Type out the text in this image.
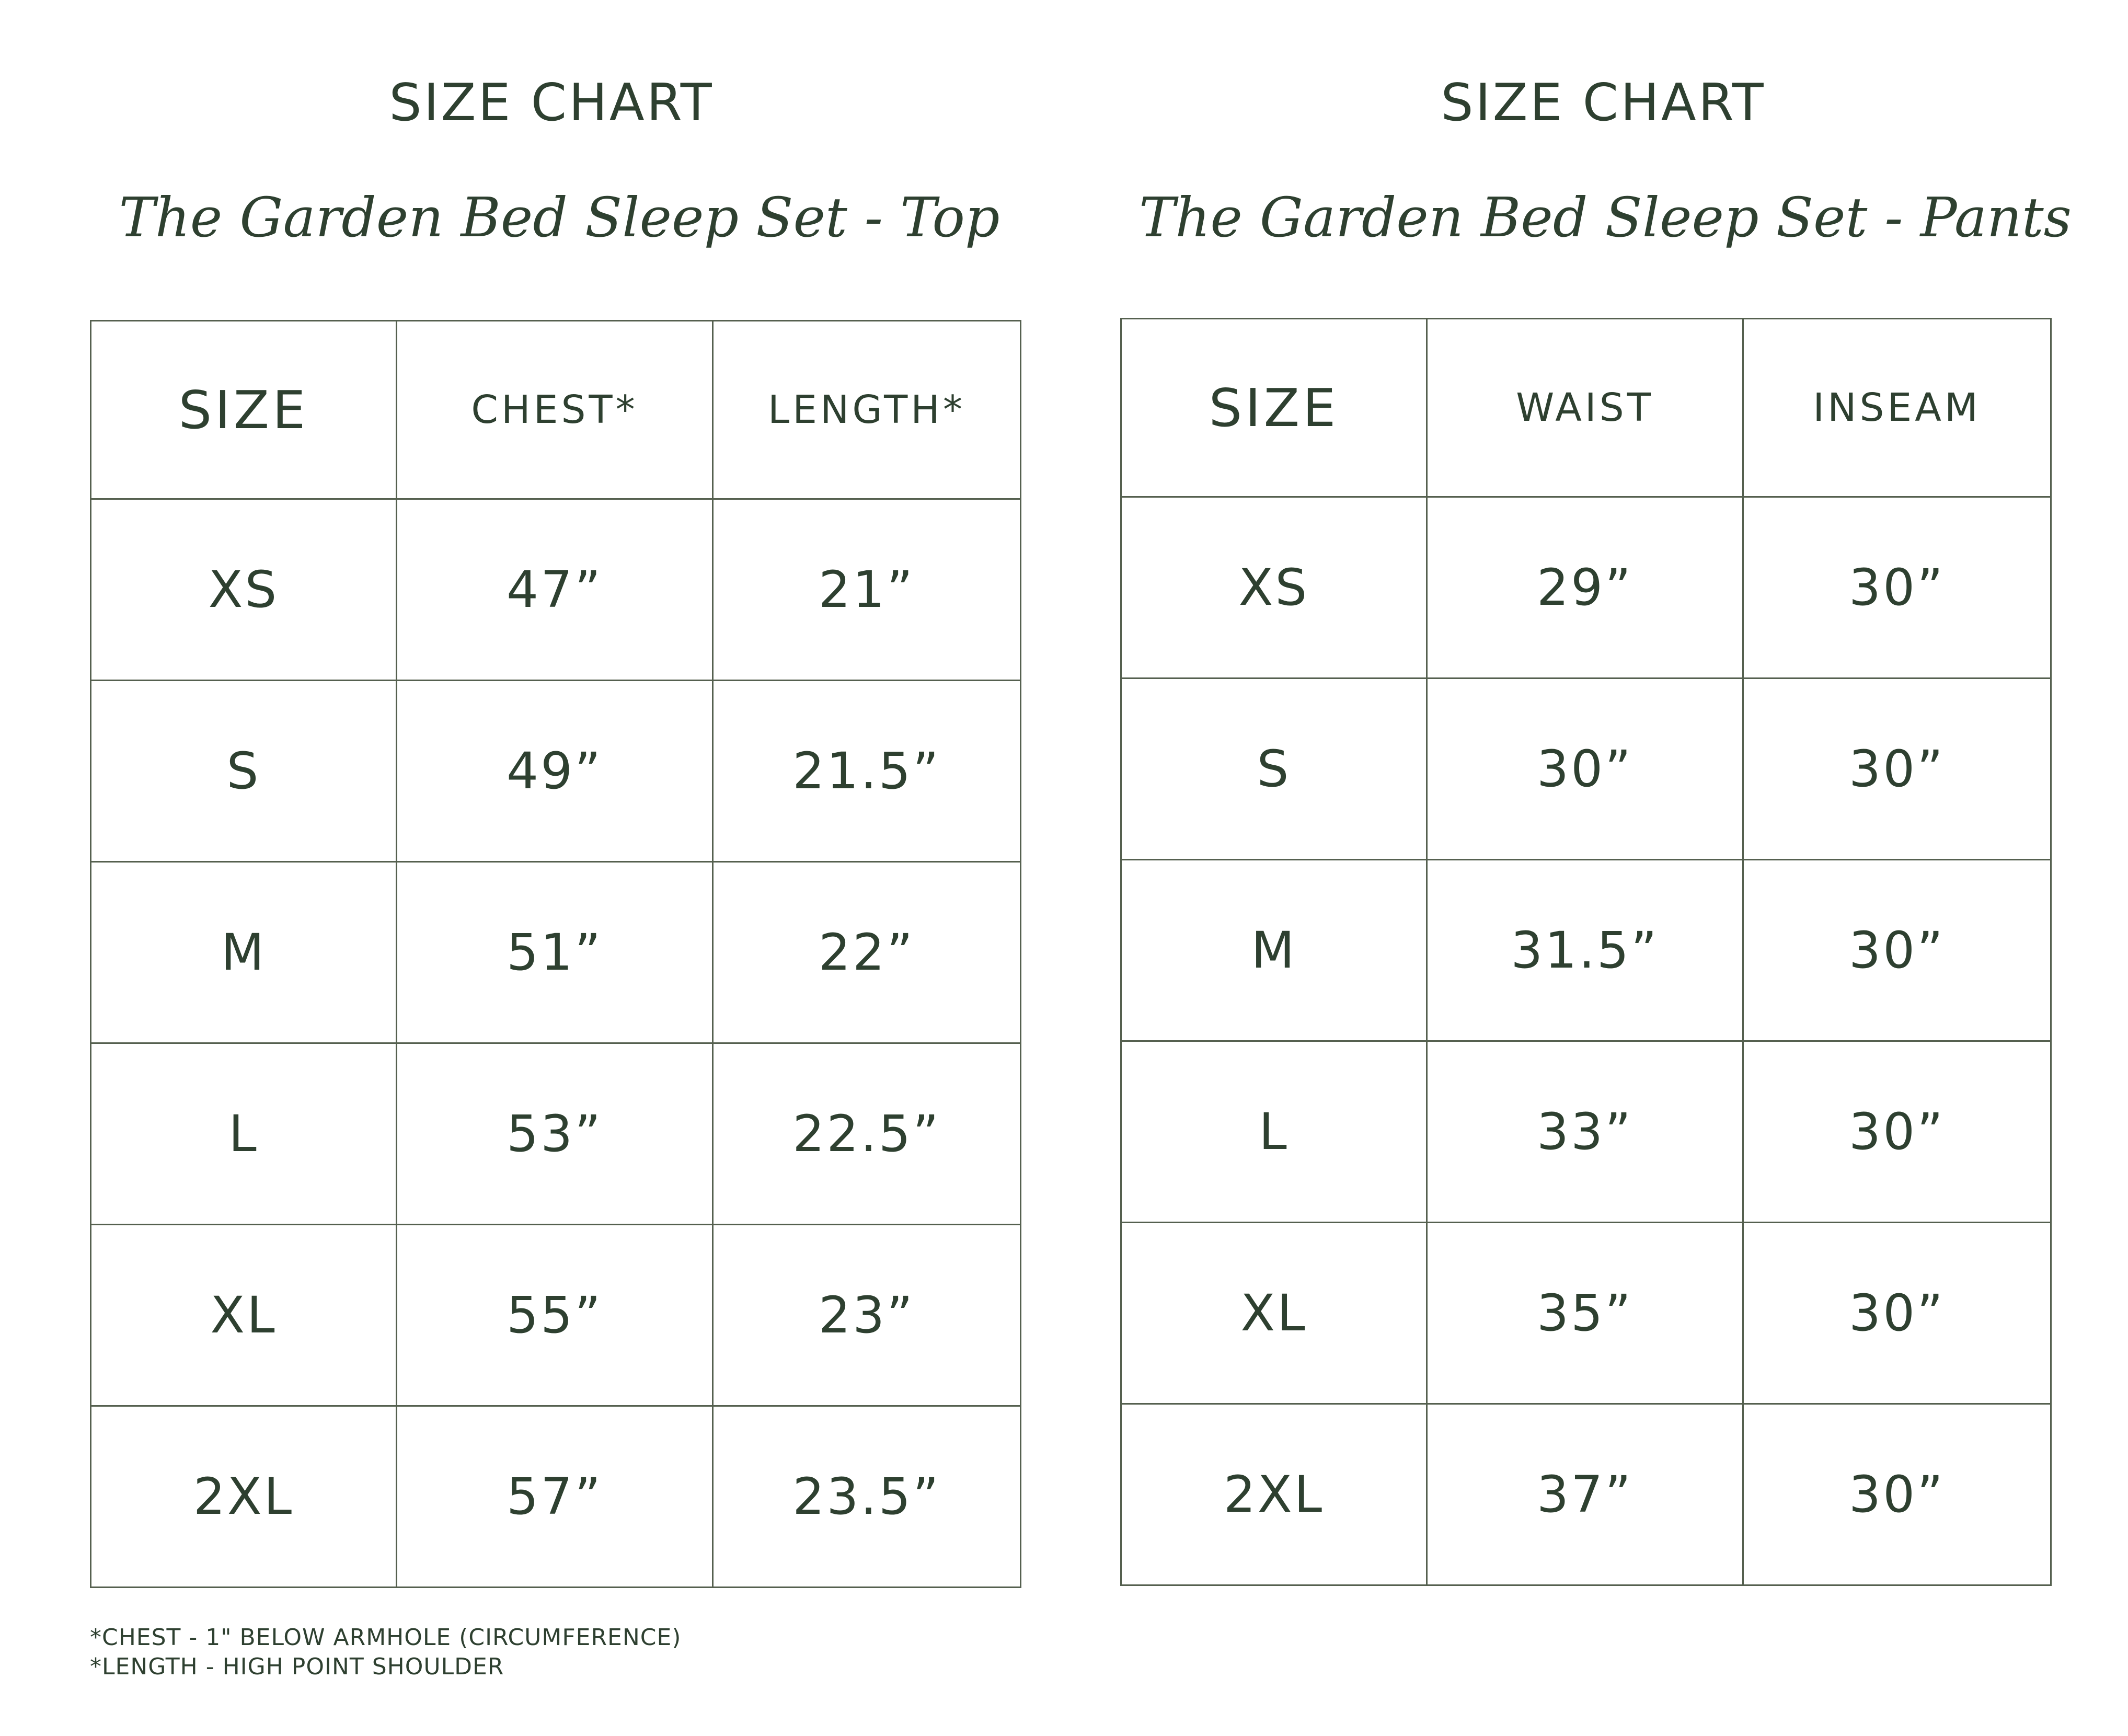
SIZE CHART
The Garden Bed Sleep Set - Top
SIZE	CHEST*	LENGTH*
XS	47”	21”
S	49”	21.5”
M	51”	22”
L	53”	22.5”
XL	55”	23”
2XL	57”	23.5”
SIZE CHART
The Garden Bed Sleep Set - Pants
SIZE	WAIST	INSEAM
XS	29”	30”
S	30”	30”
M	31.5”	30”
L	33”	30”
XL	35”	30”
2XL	37”	30”
*CHEST - 1" BELOW ARMHOLE (CIRCUMFERENCE)
*LENGTH - HIGH POINT SHOULDER
